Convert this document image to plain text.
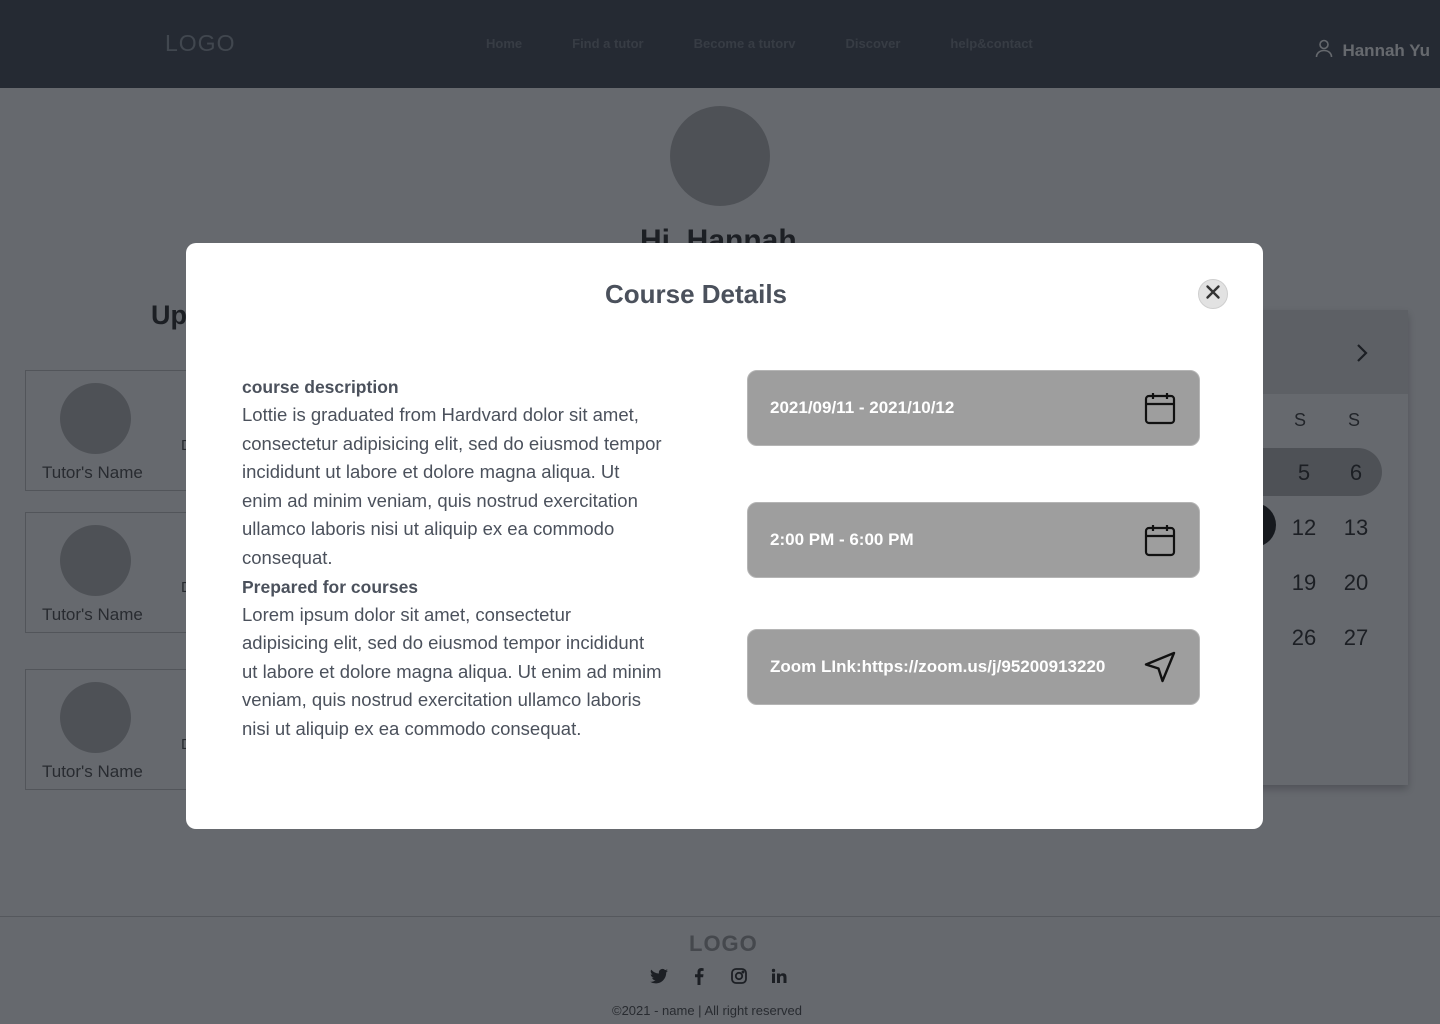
Course Details
course description
Lottie is graduated from Hardvard dolor sit amet, consectetur adipisicing elit, sed do eiusmod tempor incididunt ut labore et dolore magna aliqua. Ut enim ad minim veniam, quis nostrud exercitation ullamco laboris nisi ut aliquip ex ea commodo consequat.
Prepared for courses
Lorem ipsum dolor sit amet, consectetur adipisicing elit, sed do eiusmod tempor incididunt ut labore et dolore magna aliqua. Ut enim ad minim veniam, quis nostrud exercitation ullamco laboris nisi ut aliquip ex ea commodo consequat.
2021/09/11 - 2021/10/12
2:00 PM - 6:00 PM
Zoom LInk:https://zoom.us/j/95200913220
